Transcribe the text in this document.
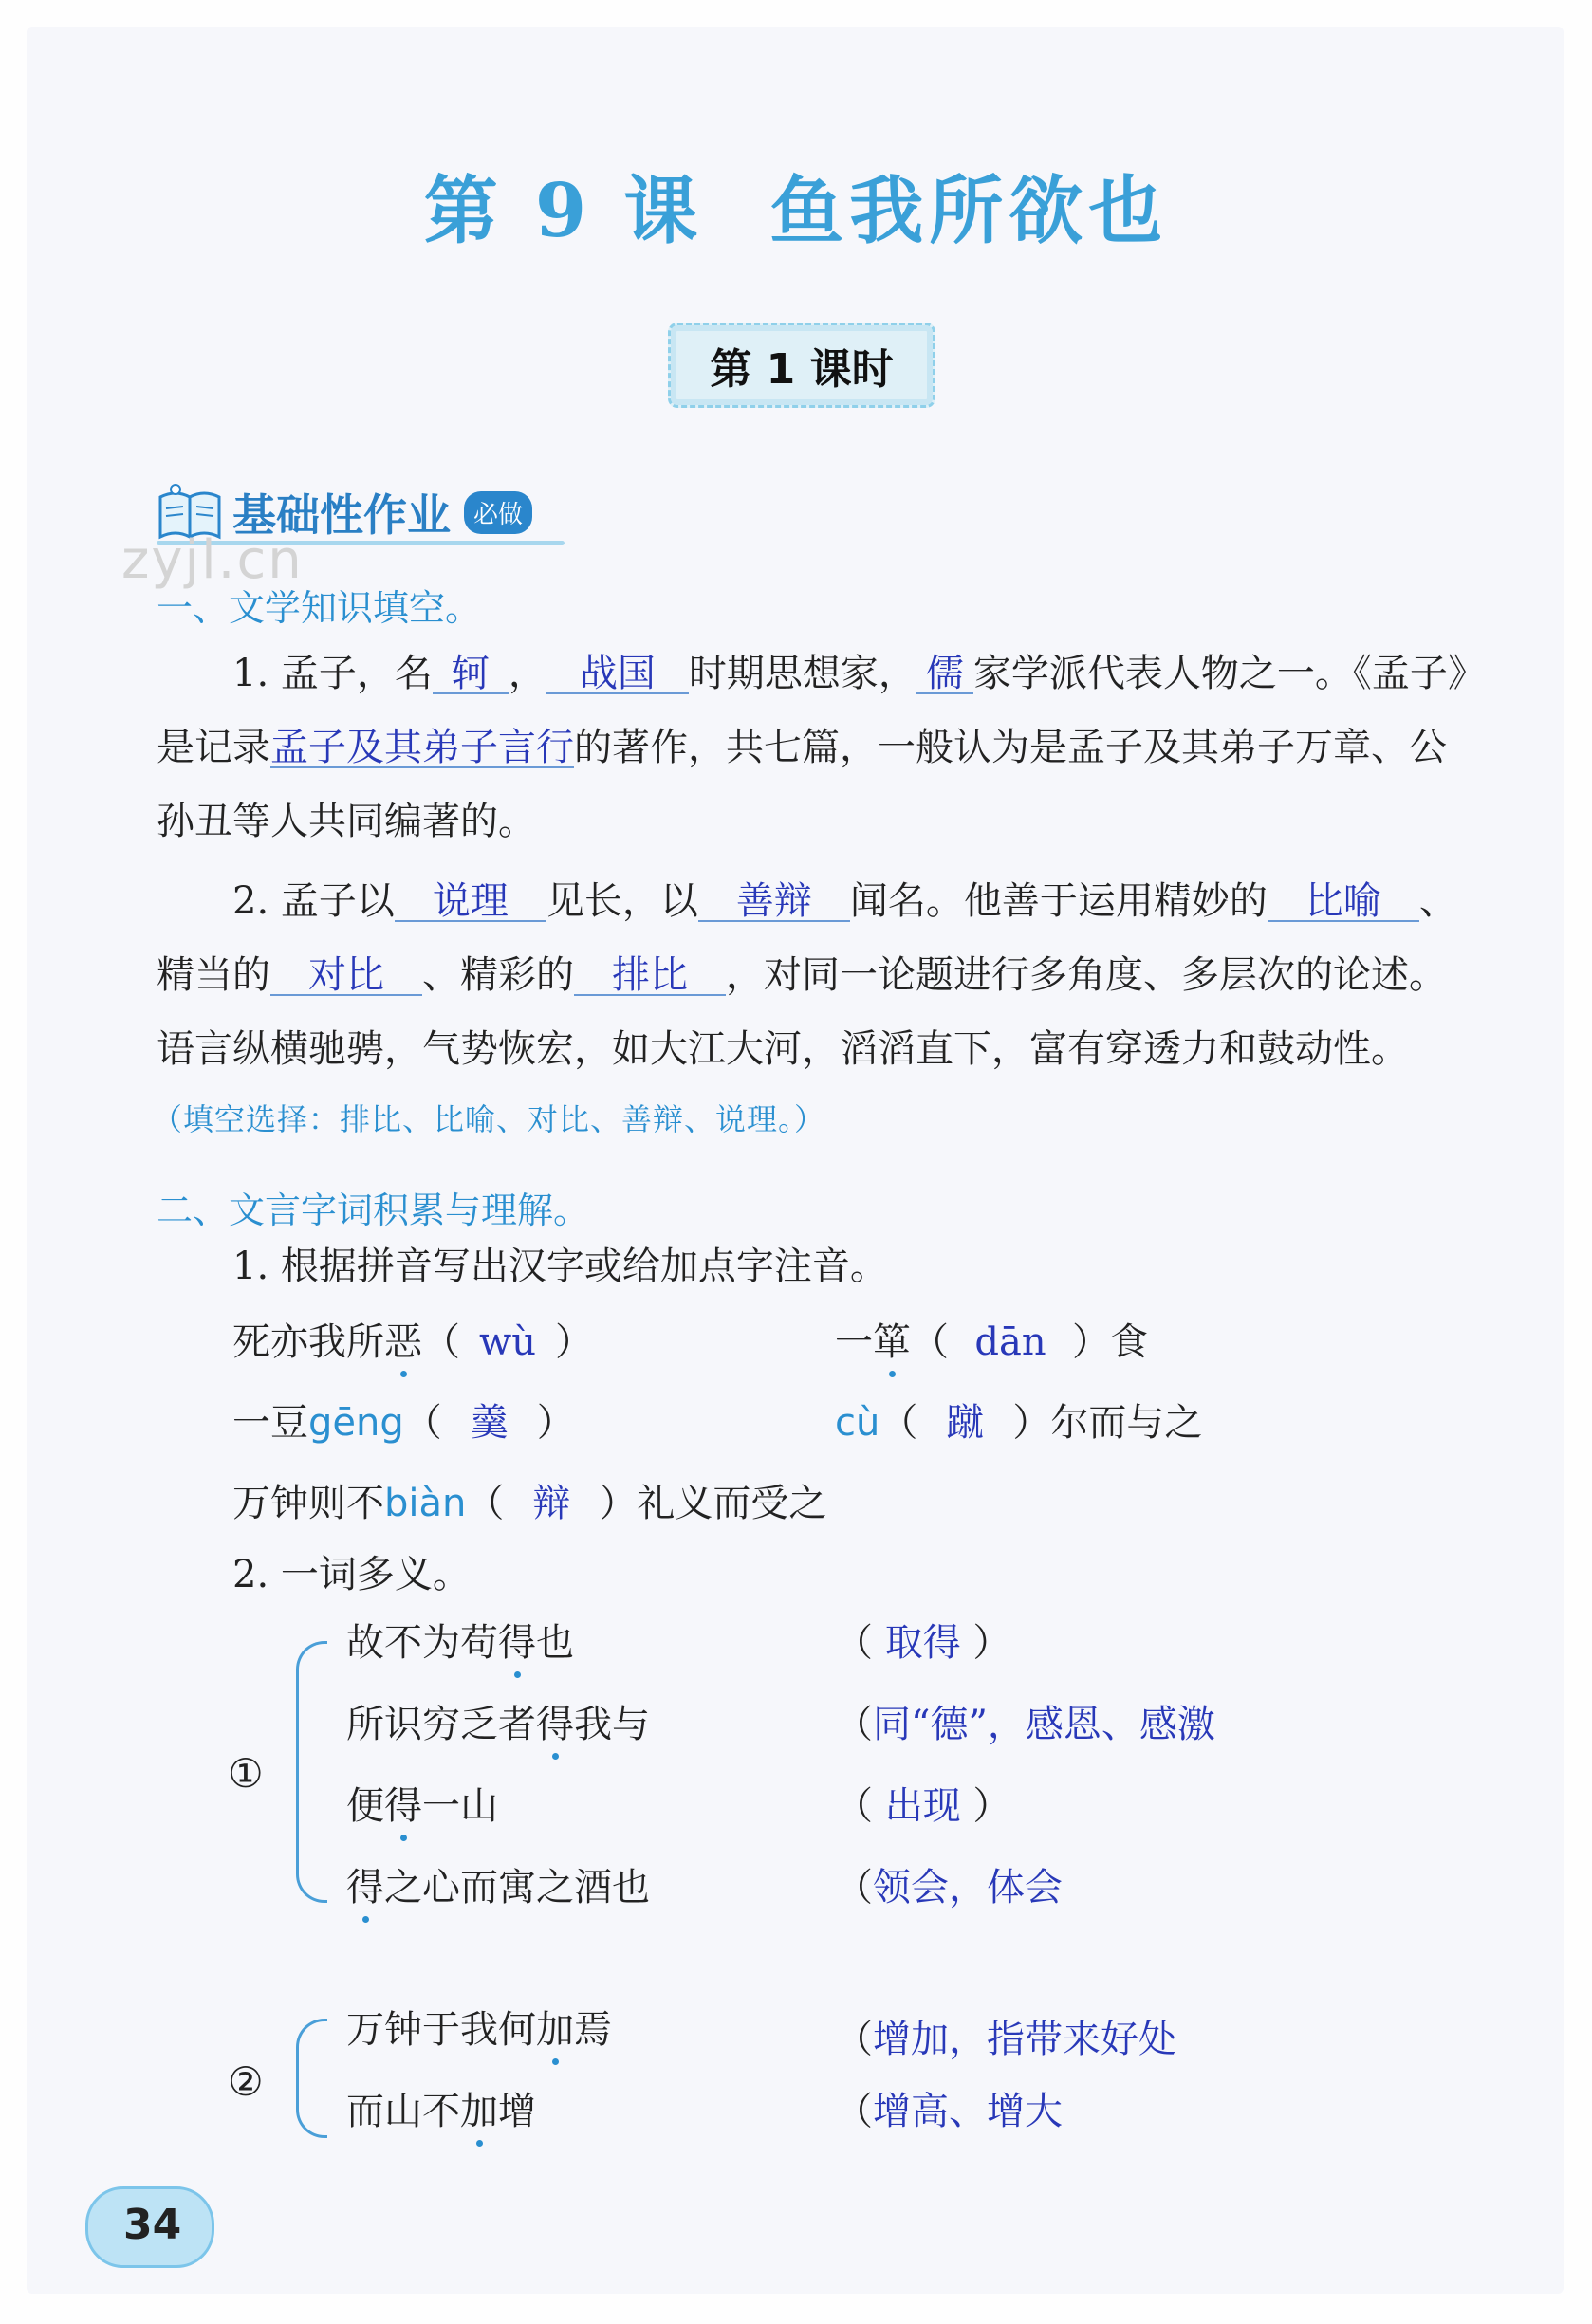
第 9 课 鱼我所欲也
第 1 课时
基础性作业 必做
zyjl.cn
一、文学知识填空。
1. 孟子，名 轲 ， 战国 时期思想家， 儒 家学派代表人物之一。《孟子》
是记录孟子及其弟子言行的著作，共七篇，一般认为是孟子及其弟子万章、公
孙丑等人共同编著的。
2. 孟子以 说理 见长，以 善辩 闻名。他善于运用精妙的 比喻 、
精当的 对比 、精彩的 排比 ，对同一论题进行多角度、多层次的论述。
语言纵横驰骋，气势恢宏，如大江大河，滔滔直下，富有穿透力和鼓动性。
（填空选择：排比、比喻、对比、善辩、说理。）
二、文言字词积累与理解。
1. 根据拼音写出汉字或给加点字注音。
死亦我所恶（ wù ）	一箪（ dān ）食
一豆gēng（ 羹 ）	cù（ 蹴 ）尔而与之
万钟则不biàn（ 辩 ）礼义而受之
2. 一词多义。
①
故不为苟得也	（ 取得 ）
所识穷乏者得我与	（同“德”，感恩、感激
便得一山	（ 出现 ）
得之心而寓之酒也	（领会，体会
②
万钟于我何加焉	（增加，指带来好处
而山不加增	（增高、增大
34
